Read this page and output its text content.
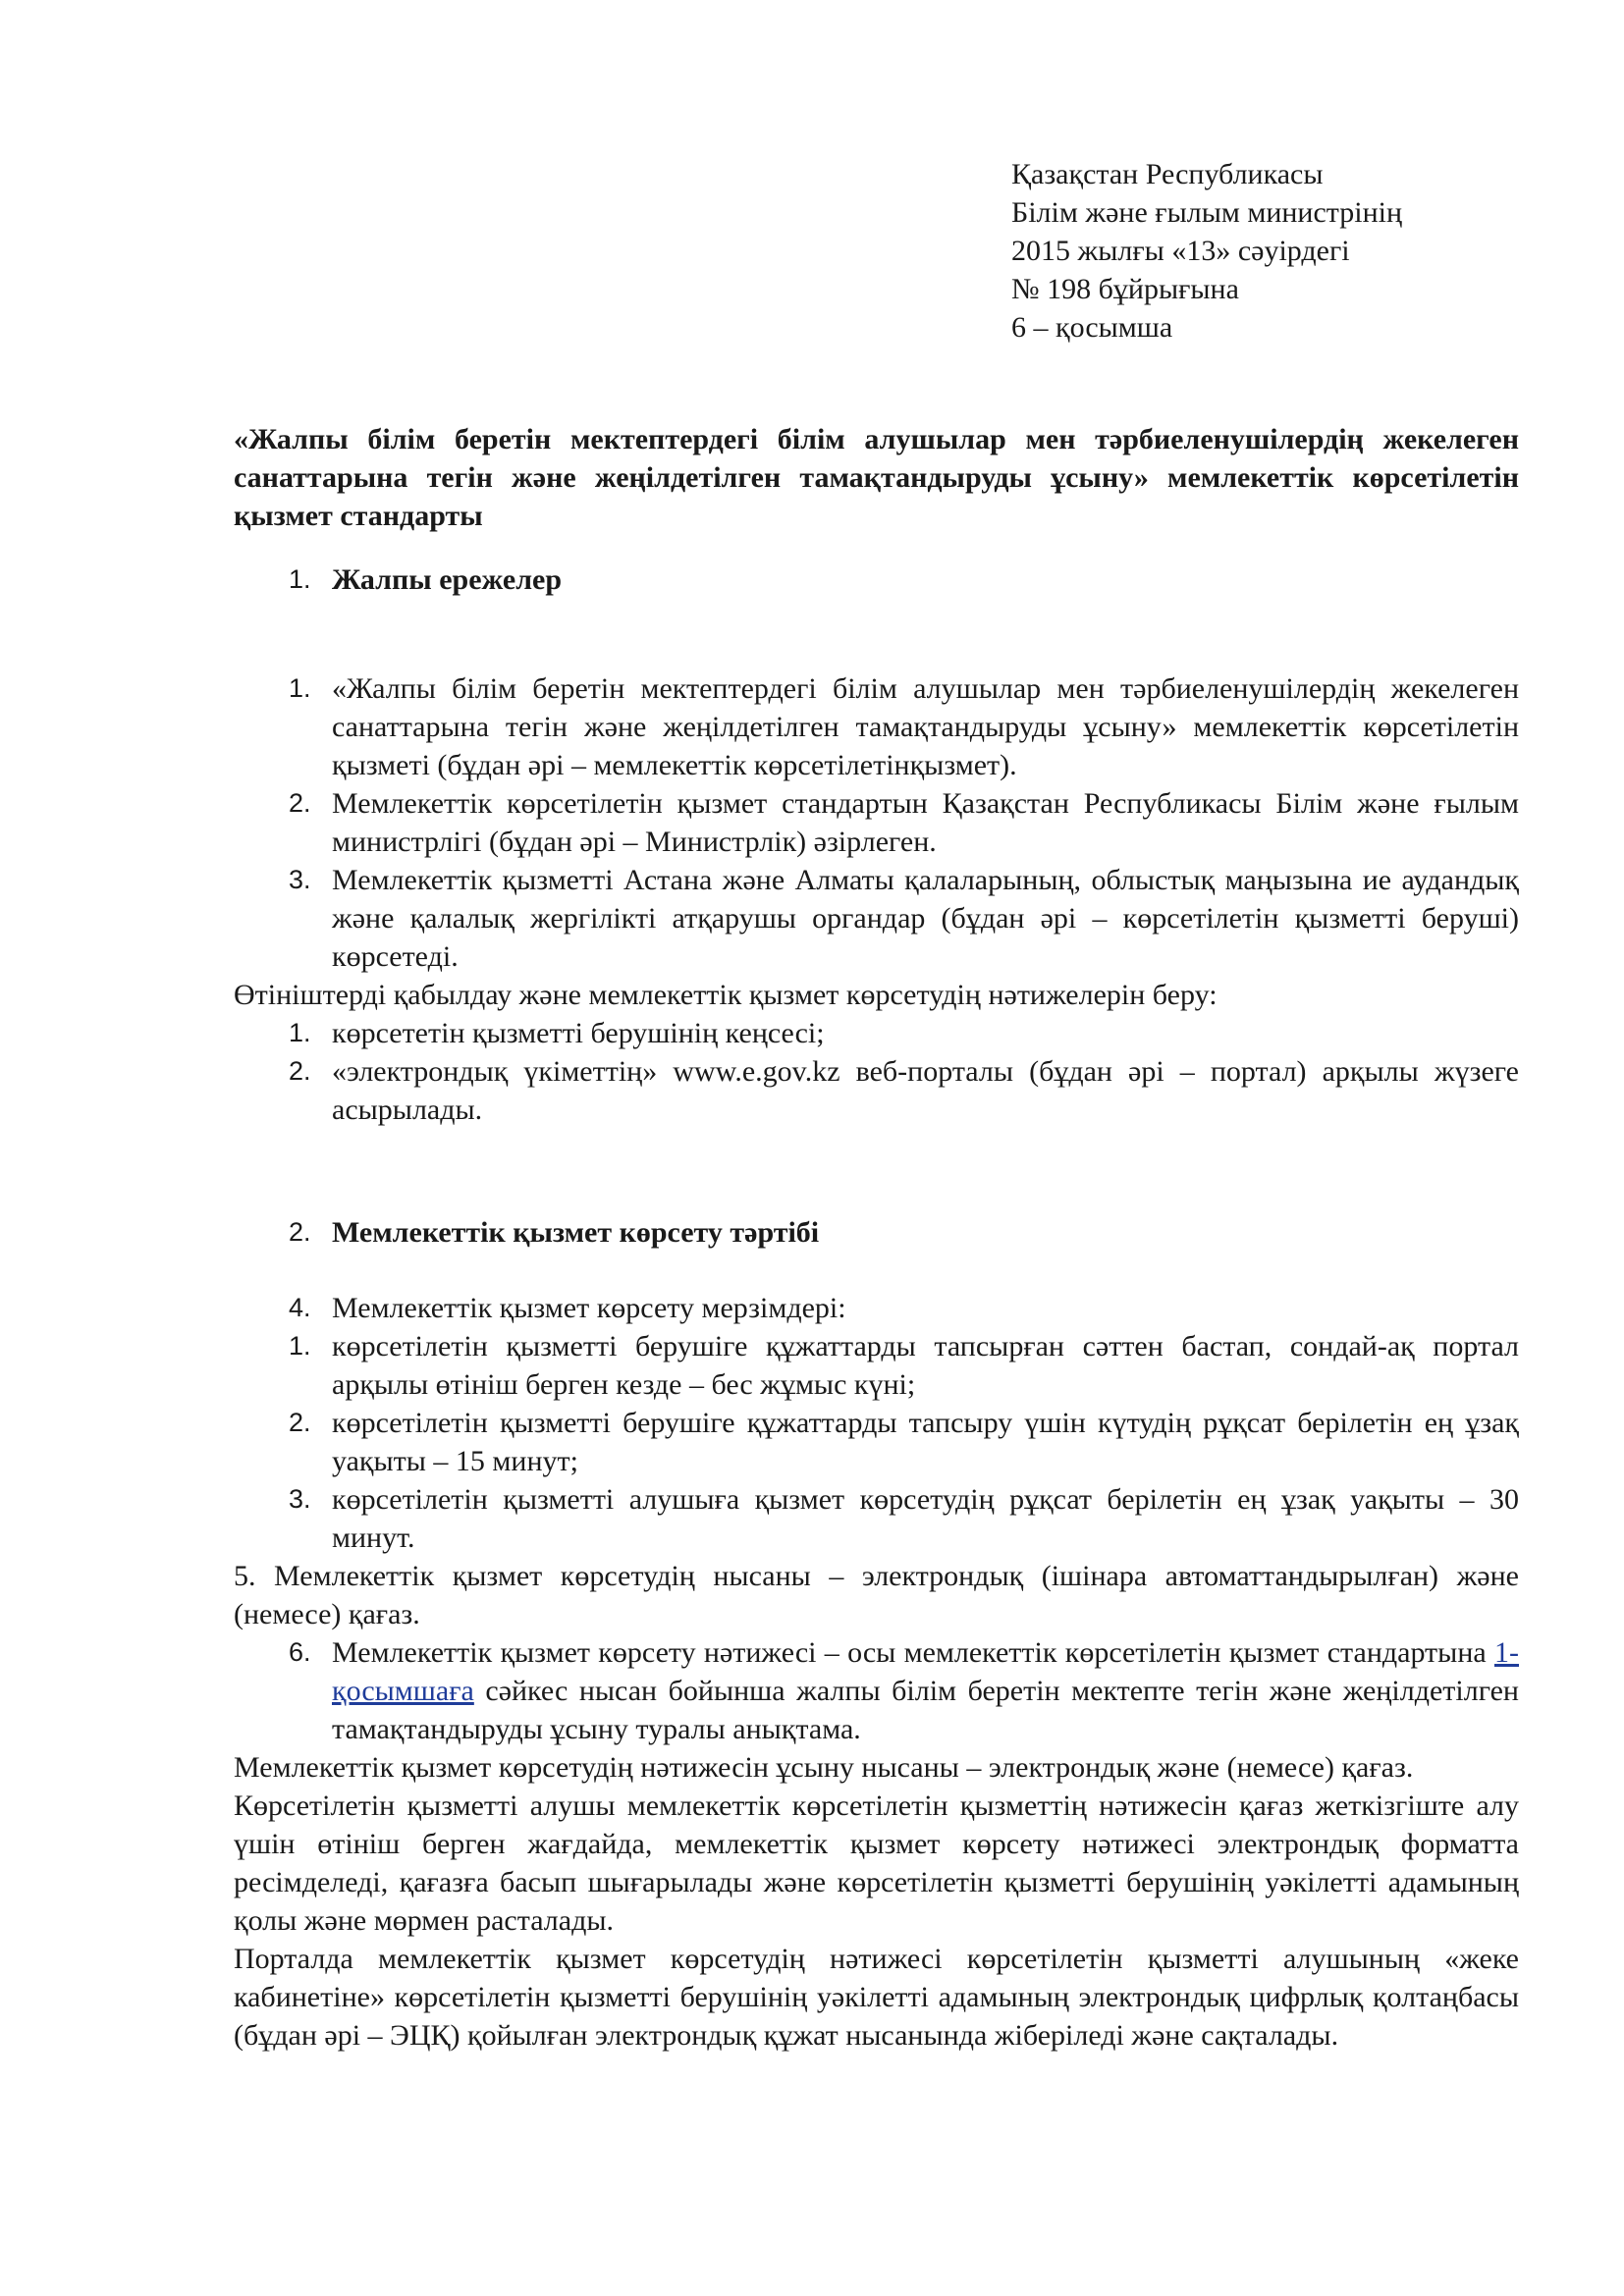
Қазақстан Республикасы
Білім және ғылым министрінің
2015 жылғы «13» сәуірдегі
№ 198 бұйрығына
6 – қосымша

«Жалпы білім беретін мектептердегі білім алушылар мен тәрбиеленушілердің жекелеген санаттарына тегін және жеңілдетілген тамақтандыруды ұсыну» мемлекеттік көрсетілетін қызмет стандарты

1. Жалпы ережелер
1. «Жалпы білім беретін мектептердегі білім алушылар мен тәрбиеленушілердің жекелеген санаттарына тегін және жеңілдетілген тамақтандыруды ұсыну» мемлекеттік көрсетілетін қызметі (бұдан әрі – мемлекеттік көрсетілетінқызмет).
2. Мемлекеттік көрсетілетін қызмет стандартын Қазақстан Республикасы Білім және ғылым министрлігі (бұдан әрі – Министрлік) әзірлеген.
3. Мемлекеттік қызметті Астана және Алматы қалаларының, облыстық маңызына ие аудандық және қалалық жергілікті атқарушы органдар (бұдан әрі – көрсетілетін қызметті беруші) көрсетеді.

Өтініштерді қабылдау және мемлекеттік қызмет көрсетудің нәтижелерін беру:

1. көрсететін қызметті берушінің кеңсесі;
2. «электрондық үкіметтің» www.e.gov.kz веб-порталы (бұдан әрі – портал) арқылы жүзеге асырылады.
2. Мемлекеттік қызмет көрсету тәртібі
4. Мемлекеттік қызмет көрсету мерзімдері:
1. көрсетілетін қызметті берушіге құжаттарды тапсырған сәттен бастап, сондай-ақ портал арқылы өтініш берген кезде – бес жұмыс күні;
2. көрсетілетін қызметті берушіге құжаттарды тапсыру үшін күтудің рұқсат берілетін ең ұзақ уақыты – 15 минут;
3. көрсетілетін қызметті алушыға қызмет көрсетудің рұқсат берілетін ең ұзақ уақыты – 30 минут.

5. Мемлекеттік қызмет көрсетудің нысаны – электрондық (ішінара автоматтандырылған) және (немесе) қағаз.

6. Мемлекеттік қызмет көрсету нәтижесі – осы мемлекеттік көрсетілетін қызмет стандартына 1-қосымшаға сәйкес нысан бойынша жалпы білім беретін мектепте тегін және жеңілдетілген тамақтандыруды ұсыну туралы анықтама.

Мемлекеттік қызмет көрсетудің нәтижесін ұсыну нысаны – электрондық және (немесе) қағаз.

Көрсетілетін қызметті алушы мемлекеттік көрсетілетін қызметтің нәтижесін қағаз жеткізгіште алу үшін өтініш берген жағдайда, мемлекеттік қызмет көрсету нәтижесі электрондық форматта ресімделеді, қағазға басып шығарылады және көрсетілетін қызметті берушінің уәкілетті адамының қолы және мөрмен расталады.

Порталда мемлекеттік қызмет көрсетудің нәтижесі көрсетілетін қызметті алушының «жеке кабинетіне» көрсетілетін қызметті берушінің уәкілетті адамының электрондық цифрлық қолтаңбасы (бұдан әрі – ЭЦҚ) қойылған электрондық құжат нысанында жіберіледі және сақталады.
